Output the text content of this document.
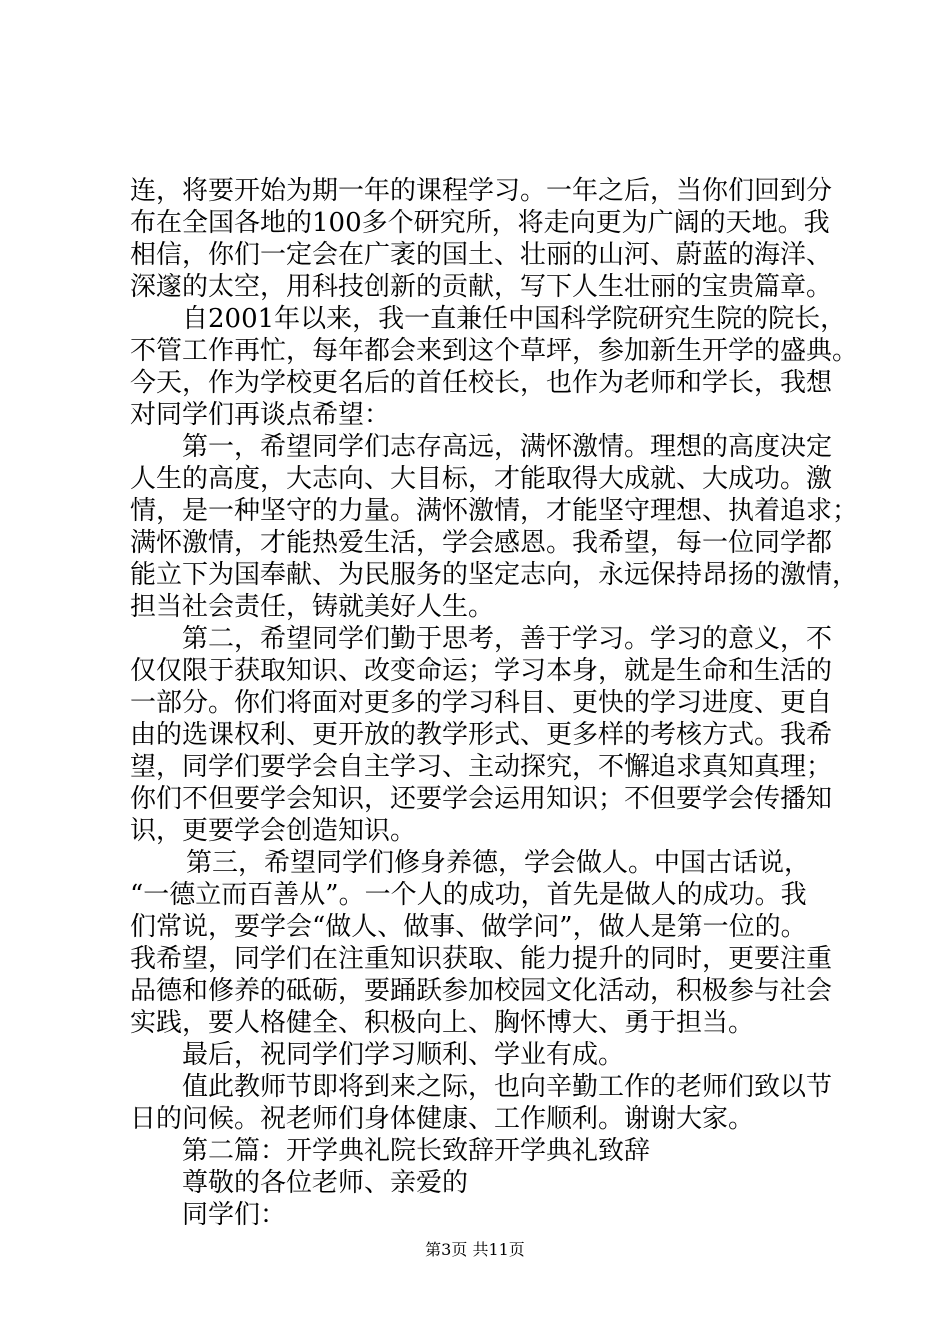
连，将要开始为期一年的课程学习。一年之后，当你们回到分
布在全国各地的100多个研究所，将走向更为广阔的天地。我
相信，你们一定会在广袤的国土、壮丽的山河、蔚蓝的海洋、
深邃的太空，用科技创新的贡献，写下人生壮丽的宝贵篇章。
自2001年以来，我一直兼任中国科学院研究生院的院长，
不管工作再忙，每年都会来到这个草坪，参加新生开学的盛典。
今天，作为学校更名后的首任校长，也作为老师和学长，我想
对同学们再谈点希望：
第一，希望同学们志存高远，满怀激情。理想的高度决定
人生的高度，大志向、大目标，才能取得大成就、大成功。激
情，是一种坚守的力量。满怀激情，才能坚守理想、执着追求；
满怀激情，才能热爱生活，学会感恩。我希望，每一位同学都
能立下为国奉献、为民服务的坚定志向，永远保持昂扬的激情，
担当社会责任，铸就美好人生。
第二，希望同学们勤于思考，善于学习。学习的意义，不
仅仅限于获取知识、改变命运；学习本身，就是生命和生活的
一部分。你们将面对更多的学习科目、更快的学习进度、更自
由的选课权利、更开放的教学形式、更多样的考核方式。我希
望，同学们要学会自主学习、主动探究，不懈追求真知真理；
你们不但要学会知识，还要学会运用知识；不但要学会传播知
识，更要学会创造知识。
第三，希望同学们修身养德，学会做人。中国古话说，
“一德立而百善从”。一个人的成功，首先是做人的成功。我
们常说，要学会“做人、做事、做学问”，做人是第一位的。
我希望，同学们在注重知识获取、能力提升的同时，更要注重
品德和修养的砥砺，要踊跃参加校园文化活动，积极参与社会
实践，要人格健全、积极向上、胸怀博大、勇于担当。
最后，祝同学们学习顺利、学业有成。
值此教师节即将到来之际，也向辛勤工作的老师们致以节
日的问候。祝老师们身体健康、工作顺利。谢谢大家。
第二篇：开学典礼院长致辞开学典礼致辞
尊敬的各位老师、亲爱的
同学们：
第3页 共11页
